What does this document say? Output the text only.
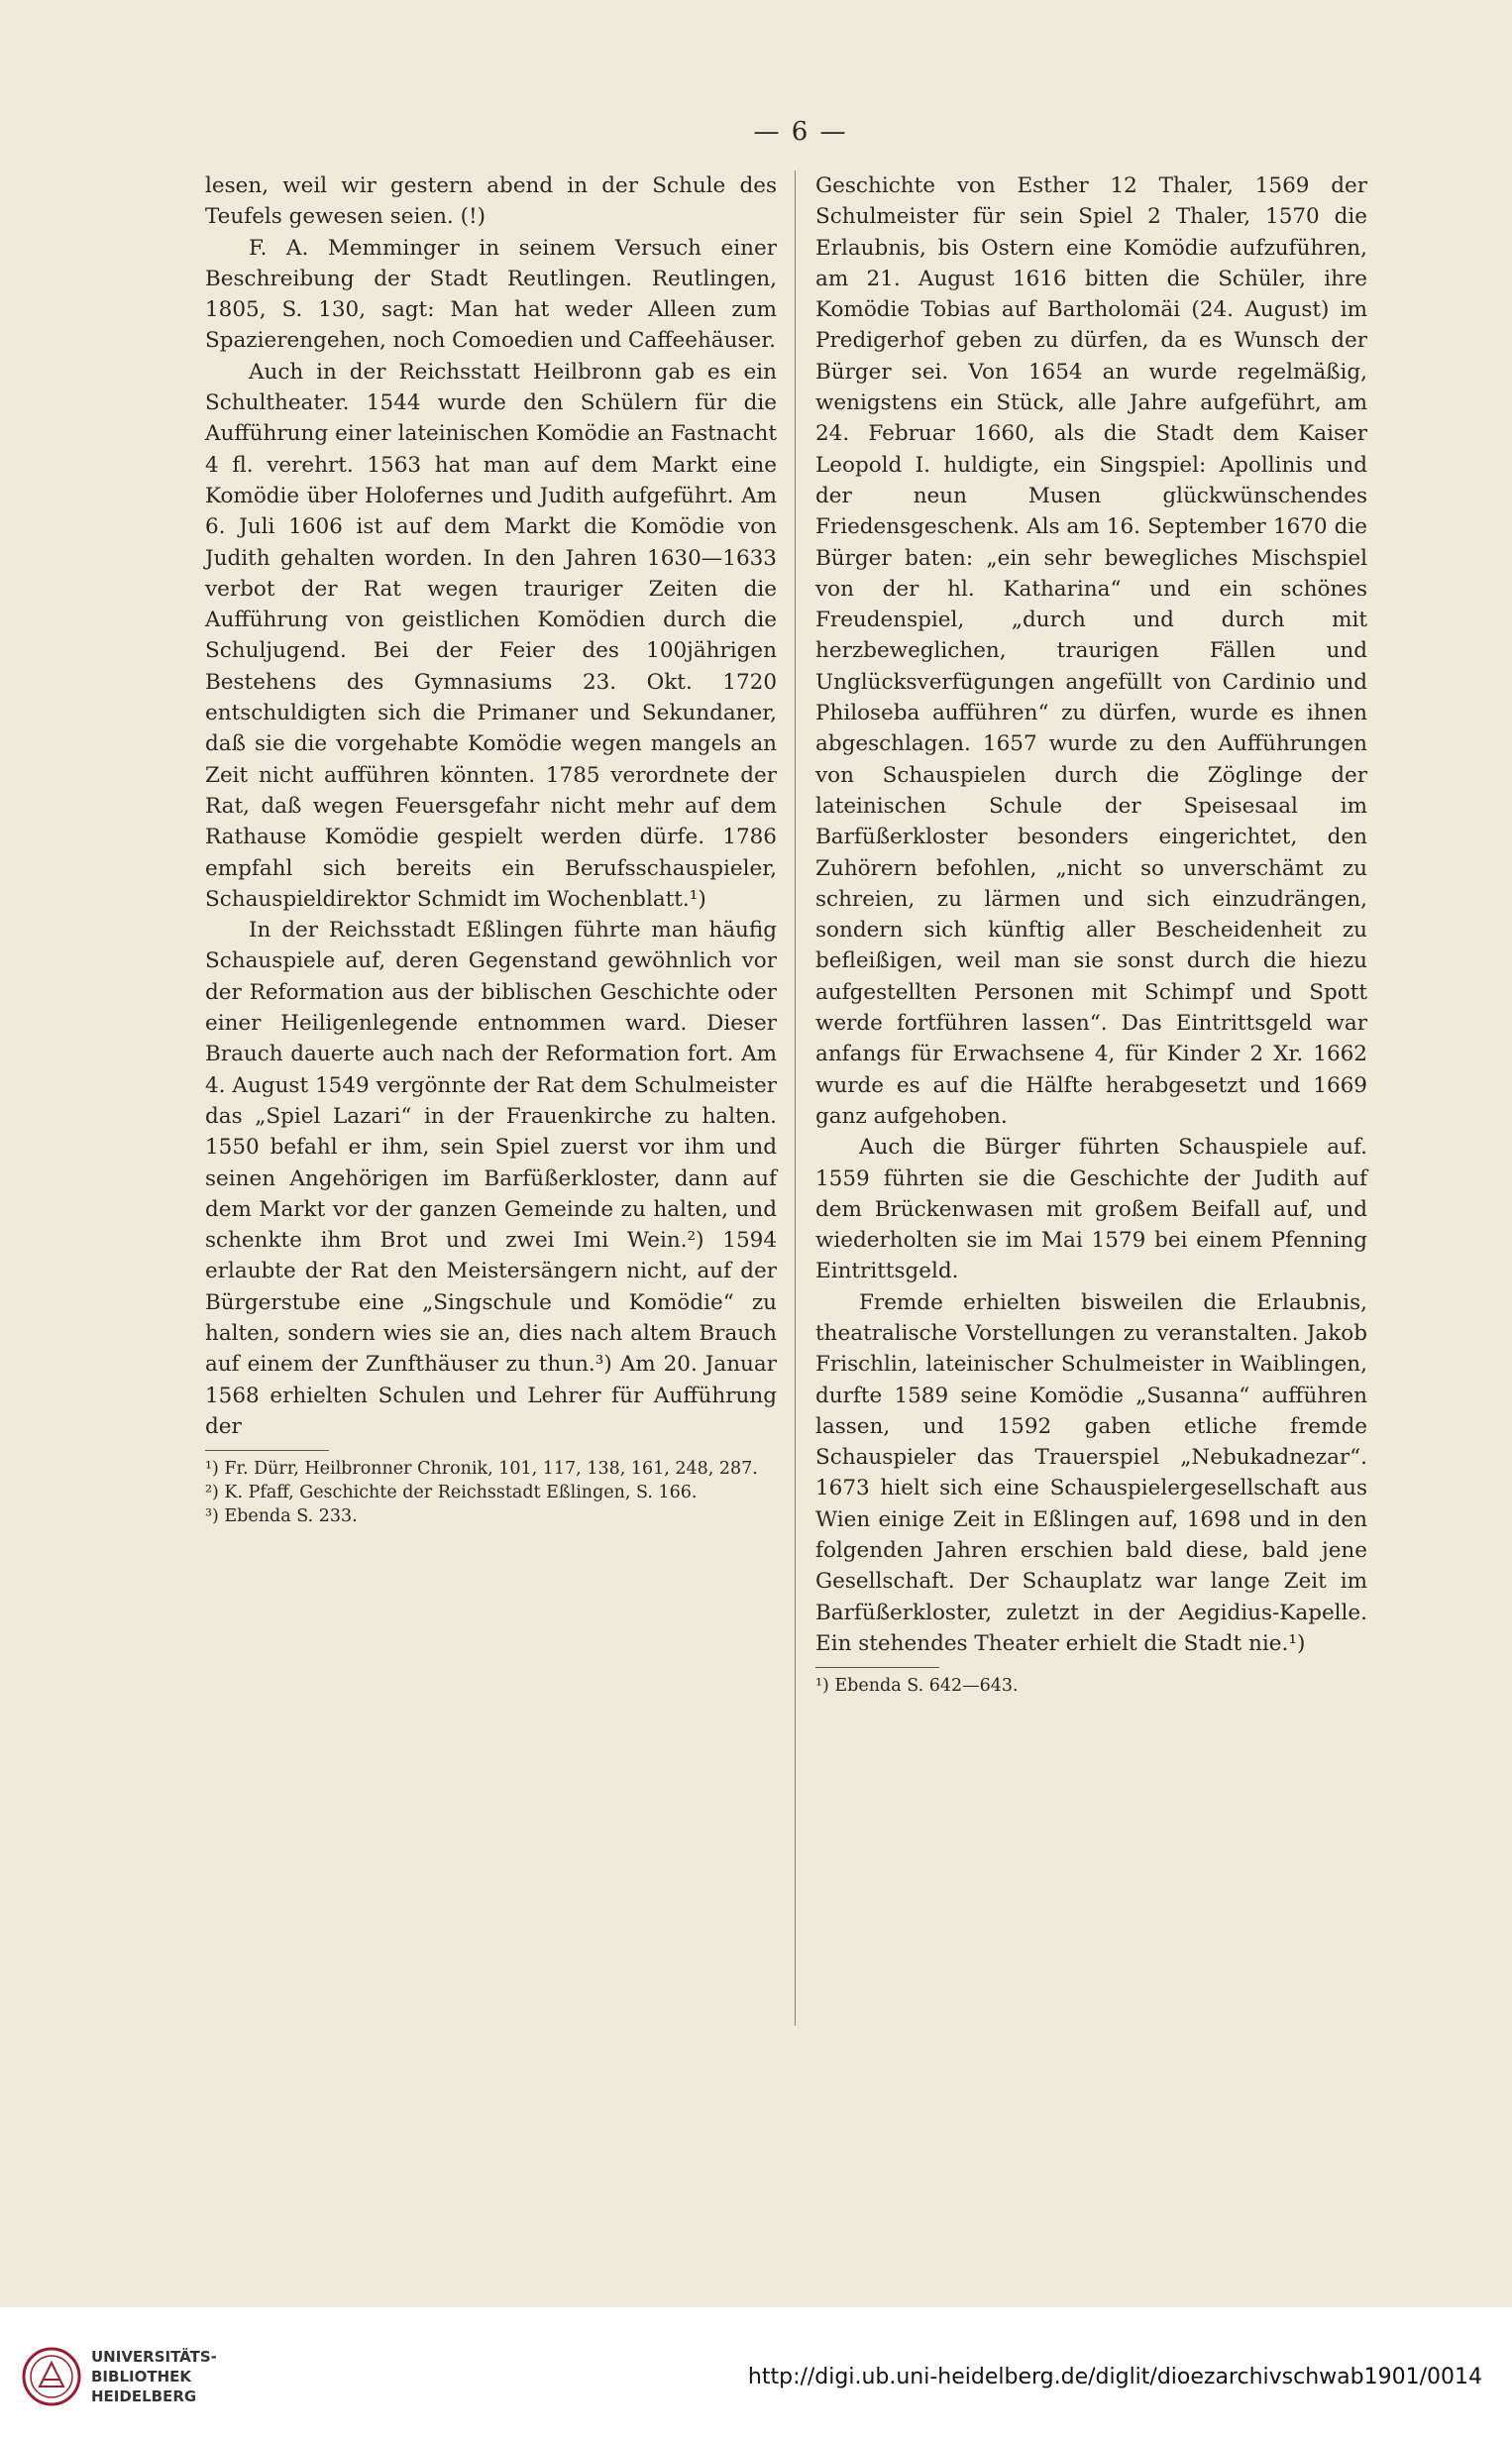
— 6 —

lesen, weil wir gestern abend in der Schule des Teufels gewesen seien. (!)

F. A. Memminger in seinem Versuch einer Beschreibung der Stadt Reutlingen. Reutlingen, 1805, S. 130, sagt: Man hat weder Alleen zum Spazierengehen, noch Comoedien und Caffeehäuser.

Auch in der Reichsstatt Heilbronn gab es ein Schultheater. 1544 wurde den Schülern für die Aufführung einer lateinischen Komödie an Fastnacht 4 fl. verehrt. 1563 hat man auf dem Markt eine Komödie über Holofernes und Judith aufgeführt. Am 6. Juli 1606 ist auf dem Markt die Komödie von Judith gehalten worden. In den Jahren 1630—1633 verbot der Rat wegen trauriger Zeiten die Aufführung von geistlichen Komödien durch die Schuljugend. Bei der Feier des 100jährigen Bestehens des Gymnasiums 23. Okt. 1720 entschuldigten sich die Primaner und Sekundaner, daß sie die vorgehabte Komödie wegen mangels an Zeit nicht aufführen könnten. 1785 verordnete der Rat, daß wegen Feuersgefahr nicht mehr auf dem Rathause Komödie gespielt werden dürfe. 1786 empfahl sich bereits ein Berufsschauspieler, Schauspieldirektor Schmidt im Wochenblatt.¹)

In der Reichsstadt Eßlingen führte man häufig Schauspiele auf, deren Gegenstand gewöhnlich vor der Reformation aus der biblischen Geschichte oder einer Heiligenlegende entnommen ward. Dieser Brauch dauerte auch nach der Reformation fort. Am 4. August 1549 vergönnte der Rat dem Schulmeister das „Spiel Lazari“ in der Frauenkirche zu halten. 1550 befahl er ihm, sein Spiel zuerst vor ihm und seinen Angehörigen im Barfüßerkloster, dann auf dem Markt vor der ganzen Gemeinde zu halten, und schenkte ihm Brot und zwei Imi Wein.²) 1594 erlaubte der Rat den Meistersängern nicht, auf der Bürgerstube eine „Singschule und Komödie“ zu halten, sondern wies sie an, dies nach altem Brauch auf einem der Zunfthäuser zu thun.³) Am 20. Januar 1568 erhielten Schulen und Lehrer für Aufführung der

¹) Fr. Dürr, Heilbronner Chronik, 101, 117, 138, 161, 248, 287.
²) K. Pfaff, Geschichte der Reichsstadt Eßlingen, S. 166.
³) Ebenda S. 233.

Geschichte von Esther 12 Thaler, 1569 der Schulmeister für sein Spiel 2 Thaler, 1570 die Erlaubnis, bis Ostern eine Komödie aufzuführen, am 21. August 1616 bitten die Schüler, ihre Komödie Tobias auf Bartholomäi (24. August) im Predigerhof geben zu dürfen, da es Wunsch der Bürger sei. Von 1654 an wurde regelmäßig, wenigstens ein Stück, alle Jahre aufgeführt, am 24. Februar 1660, als die Stadt dem Kaiser Leopold I. huldigte, ein Singspiel: Apollinis und der neun Musen glückwünschendes Friedensgeschenk. Als am 16. September 1670 die Bürger baten: „ein sehr bewegliches Mischspiel von der hl. Katharina“ und ein schönes Freudenspiel, „durch und durch mit herzbeweglichen, traurigen Fällen und Unglücksverfügungen angefüllt von Cardinio und Philoseba aufführen“ zu dürfen, wurde es ihnen abgeschlagen. 1657 wurde zu den Aufführungen von Schauspielen durch die Zöglinge der lateinischen Schule der Speisesaal im Barfüßerkloster besonders eingerichtet, den Zuhörern befohlen, „nicht so unverschämt zu schreien, zu lärmen und sich einzudrängen, sondern sich künftig aller Bescheidenheit zu befleißigen, weil man sie sonst durch die hiezu aufgestellten Personen mit Schimpf und Spott werde fortführen lassen“. Das Eintrittsgeld war anfangs für Erwachsene 4, für Kinder 2 Xr. 1662 wurde es auf die Hälfte herabgesetzt und 1669 ganz aufgehoben.

Auch die Bürger führten Schauspiele auf. 1559 führten sie die Geschichte der Judith auf dem Brückenwasen mit großem Beifall auf, und wiederholten sie im Mai 1579 bei einem Pfenning Eintrittsgeld.

Fremde erhielten bisweilen die Erlaubnis, theatralische Vorstellungen zu veranstalten. Jakob Frischlin, lateinischer Schulmeister in Waiblingen, durfte 1589 seine Komödie „Susanna“ aufführen lassen, und 1592 gaben etliche fremde Schauspieler das Trauerspiel „Nebukadnezar“. 1673 hielt sich eine Schauspielergesellschaft aus Wien einige Zeit in Eßlingen auf, 1698 und in den folgenden Jahren erschien bald diese, bald jene Gesellschaft. Der Schauplatz war lange Zeit im Barfüßerkloster, zuletzt in der Aegidius-Kapelle. Ein stehendes Theater erhielt die Stadt nie.¹)

¹) Ebenda S. 642—643.
UNIVERSITÄTS-
BIBLIOTHEK
HEIDELBERG
http://digi.ub.uni-heidelberg.de/diglit/dioezarchivschwab1901/0014
